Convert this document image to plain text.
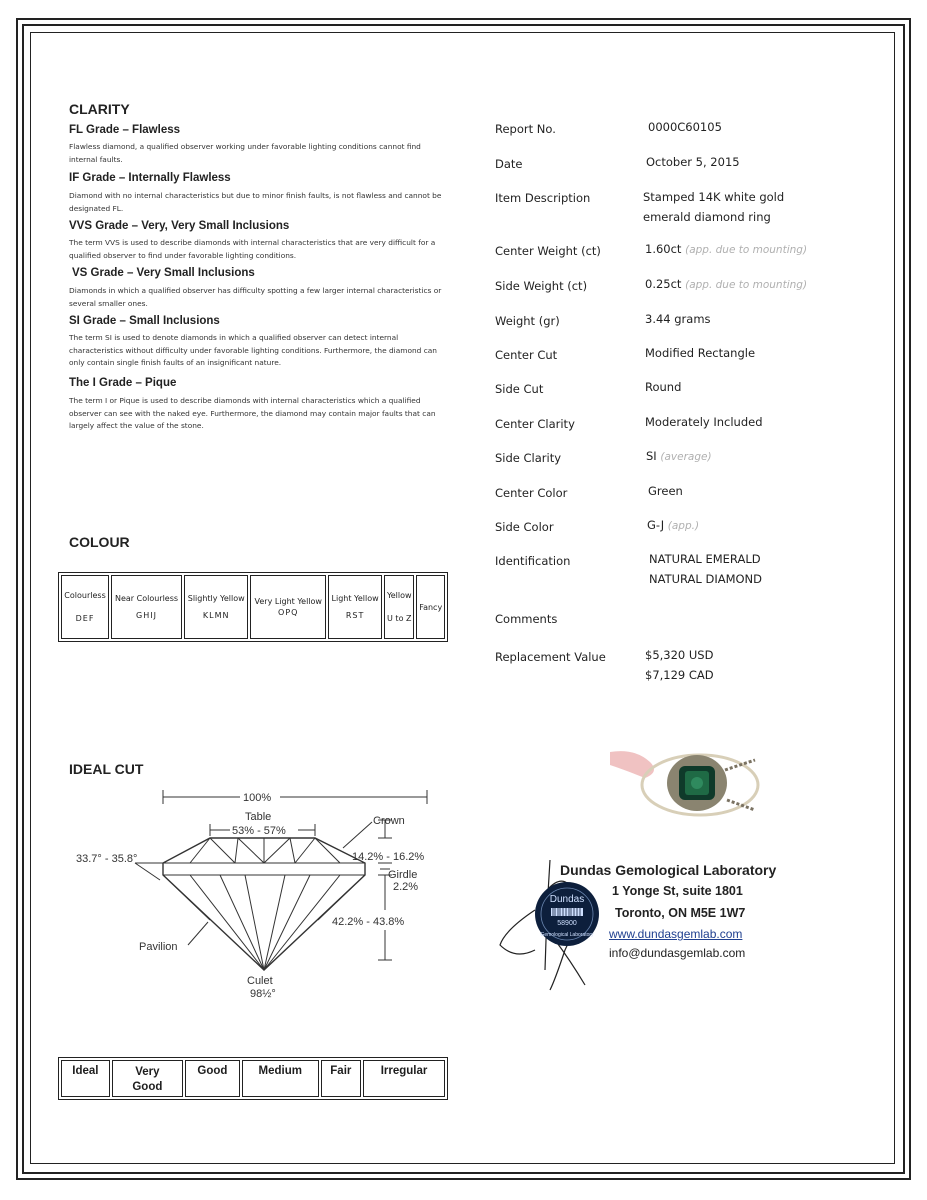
CLARITY
FL Grade – Flawless
Flawless diamond, a qualified observer working under favorable lighting conditions cannot find internal faults.
IF Grade – Internally Flawless
Diamond with no internal characteristics but due to minor finish faults, is not flawless and cannot be designated FL.
VVS Grade – Very, Very Small Inclusions
The term VVS is used to describe diamonds with internal characteristics that are very difficult for a qualified observer to find under favorable lighting conditions.
VS Grade – Very Small Inclusions
Diamonds in which a qualified observer has difficulty spotting a few larger internal characteristics or several smaller ones.
SI Grade – Small Inclusions
The term SI is used to denote diamonds in which a qualified observer can detect internal characteristics without difficulty under favorable lighting conditions. Furthermore, the diamond can only contain single finish faults of an insignificant nature.
The I Grade – Pique
The term I or Pique is used to describe diamonds with internal characteristics which a qualified observer can see with the naked eye. Furthermore, the diamond may contain major faults that can largely affect the value of the stone.
COLOUR
Colourless
DEF

Near Colourless
GHIJ

Slightly Yellow
KLMN

Very Light Yellow
OPQ

Light Yellow
RST

Yellow
U to Z

Fancy
IDEAL CUT
100%
Table
53% - 57%
Crown
33.7° - 35.8°	14.2% - 16.2%
Girdle
2.2%
42.2% - 43.8%
Pavilion
Culet
98½°
Ideal	Very Good
	Good	Medium	Fair	Irregular
Report No.	0000C60105
Date	October 5, 2015
Item Description	Stamped 14K white gold
emerald diamond ring
Center Weight (ct)	1.60ct (app. due to mounting)
Side Weight (ct)	0.25ct (app. due to mounting)
Weight (gr)	3.44 grams
Center Cut	Modified Rectangle
Side Cut	Round
Center Clarity	Moderately Included
Side Clarity	SI (average)
Center Color	Green
Side Color	G-J (app.)
Identification	NATURAL EMERALD
NATURAL DIAMOND
Comments
Replacement Value	$5,320 USD
$7,129 CAD
Dundas Gemological Laboratory
1 Yonge St, suite 1801
Toronto, ON M5E 1W7
www.dundasgemlab.com
info@dundasgemlab.com
Dundas
58900
Gemological Laboratory
